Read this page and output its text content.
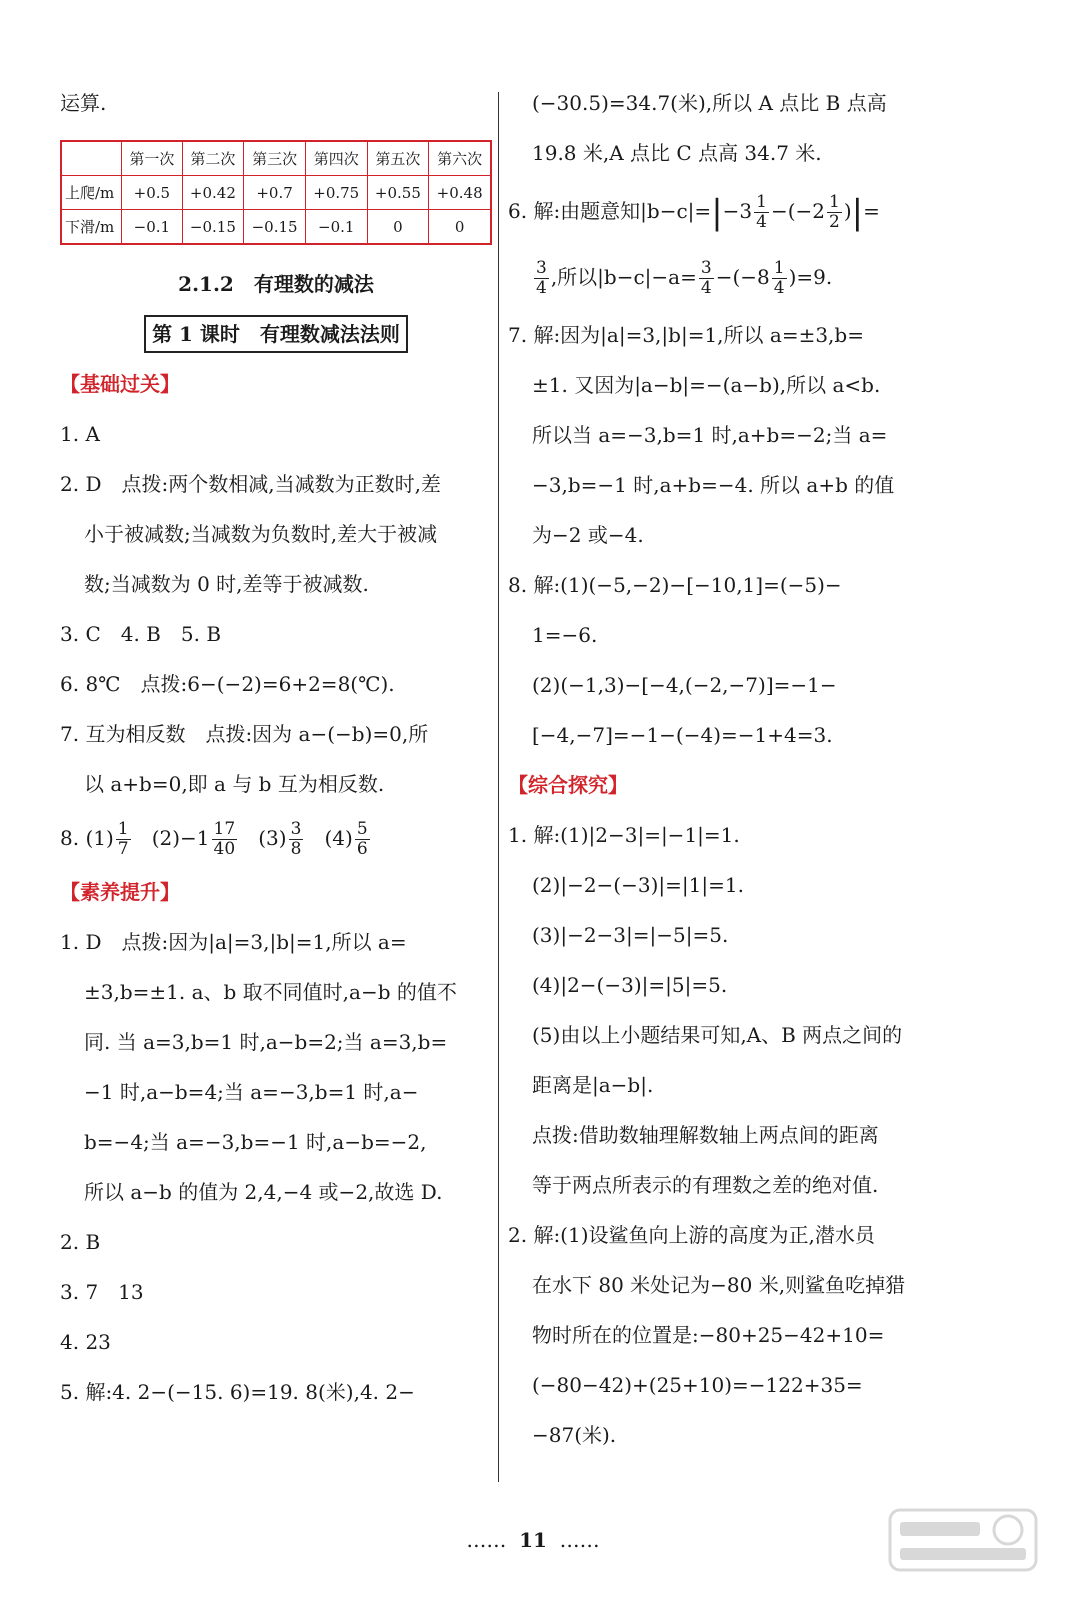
运算.
	第一次	第二次	第三次	第四次	第五次	第六次
上爬/m	+0.5	+0.42	+0.7	+0.75	+0.55	+0.48
下滑/m	−0.1	−0.15	−0.15	−0.1	0	0
2.1.2　有理数的减法
第 1 课时　有理数减法法则
【基础过关】
1. A
2. D　点拨:两个数相减,当减数为正数时,差
小于被减数;当减数为负数时,差大于被减
数;当减数为 0 时,差等于被减数.
3. C　4. B　5. B
6. 8℃　点拨:6−(−2)=6+2=8(℃).
7. 互为相反数　点拨:因为 a−(−b)=0,所
以 a+b=0,即 a 与 b 互为相反数.
8. $(1) \frac{1}{7} (2)-1 \frac{17}{40} (3) \frac{3}{8} (4) \frac{5}{6}$
【素养提升】
1. D　点拨:因为|a|=3,|b|=1,所以 a=
±3,b=±1. a、b 取不同值时,a−b 的值不
同. 当 a=3,b=1 时,a−b=2;当 a=3,b=
−1 时,a−b=4;当 a=−3,b=1 时,a−
b=−4;当 a=−3,b=−1 时,a−b=−2,
所以 a−b 的值为 2,4,−4 或−2,故选 D.
2. B
3. 7　13
4. 23
5. 解:4. 2−(−15. 6)=19. 8(米),4. 2−
(−30.5)=34.7(米),所以 A 点比 B 点高
19.8 米,A 点比 C 点高 34.7 米.
6. 解:由题意知$|b-c|=|-3 \frac{1}{4} -(-2 \frac{1}{2}$ )|=
$\frac{3}{4}$ ,所以$|b-c|-a= \frac{3}{4} -(-8 \frac{1}{4} )=9$.
7. 解:因为|a|=3,|b|=1,所以 a=±3,b=
±1. 又因为|a−b|=−(a−b),所以 a<b.
所以当 a=−3,b=1 时,a+b=−2;当 a=
−3,b=−1 时,a+b=−4. 所以 a+b 的值
为−2 或−4.
8. 解:(1)(−5,−2)−[−10,1]=(−5)−
1=−6.
(2)(−1,3)−[−4,(−2,−7)]=−1−
[−4,−7]=−1−(−4)=−1+4=3.
【综合探究】
1. 解:(1)|2−3|=|−1|=1.
(2)|−2−(−3)|=|1|=1.
(3)|−2−3|=|−5|=5.
(4)|2−(−3)|=|5|=5.
(5)由以上小题结果可知,A、B 两点之间的
距离是|a−b|.
点拨:借助数轴理解数轴上两点间的距离
等于两点所表示的有理数之差的绝对值.
2. 解:(1)设鲨鱼向上游的高度为正,潜水员
在水下 80 米处记为−80 米,则鲨鱼吃掉猎
物时所在的位置是:−80+25−42+10=
(−80−42)+(25+10)=−122+35=
−87(米).
…… 11 ……
